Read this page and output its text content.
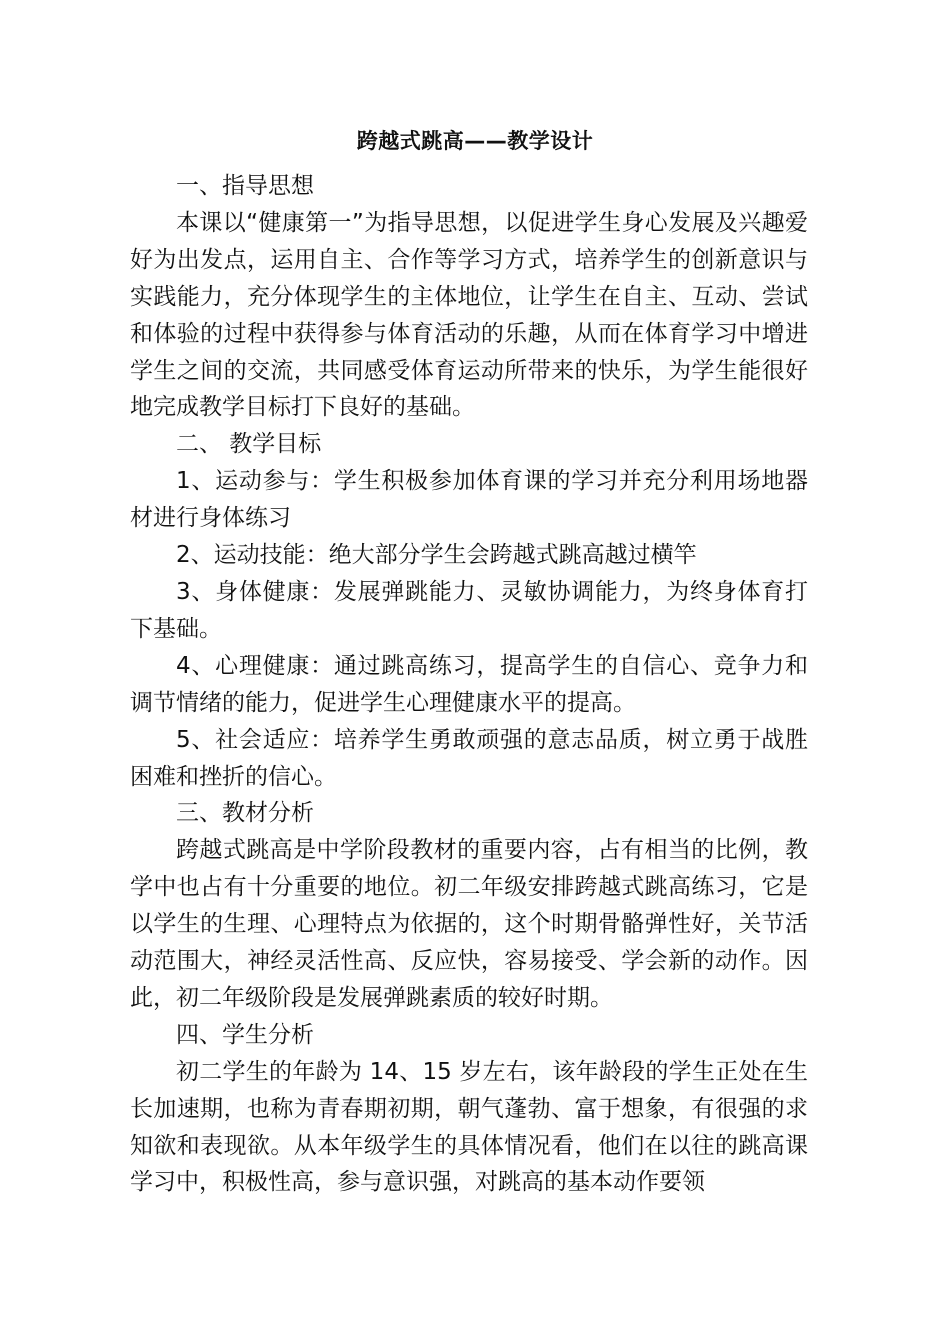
跨越式跳高——教学设计

一、指导思想

本课以“健康第一”为指导思想，以促进学生身心发展及兴趣爱好为出发点，运用自主、合作等学习方式，培养学生的创新意识与实践能力，充分体现学生的主体地位，让学生在自主、互动、尝试和体验的过程中获得参与体育活动的乐趣，从而在体育学习中增进学生之间的交流，共同感受体育运动所带来的快乐，为学生能很好地完成教学目标打下良好的基础。

二、 教学目标

1、运动参与：学生积极参加体育课的学习并充分利用场地器材进行身体练习

2、运动技能：绝大部分学生会跨越式跳高越过横竿

3、身体健康：发展弹跳能力、灵敏协调能力，为终身体育打下基础。

4、心理健康：通过跳高练习，提高学生的自信心、竞争力和调节情绪的能力，促进学生心理健康水平的提高。

5、社会适应：培养学生勇敢顽强的意志品质，树立勇于战胜困难和挫折的信心。

三、教材分析

跨越式跳高是中学阶段教材的重要内容，占有相当的比例，教学中也占有十分重要的地位。初二年级安排跨越式跳高练习，它是以学生的生理、心理特点为依据的，这个时期骨骼弹性好，关节活动范围大，神经灵活性高、反应快，容易接受、学会新的动作。因此，初二年级阶段是发展弹跳素质的较好时期。

四、学生分析

初二学生的年龄为 14、15 岁左右，该年龄段的学生正处在生长加速期，也称为青春期初期，朝气蓬勃、富于想象，有很强的求知欲和表现欲。从本年级学生的具体情况看，他们在以往的跳高课学习中，积极性高，参与意识强，对跳高的基本动作要领
